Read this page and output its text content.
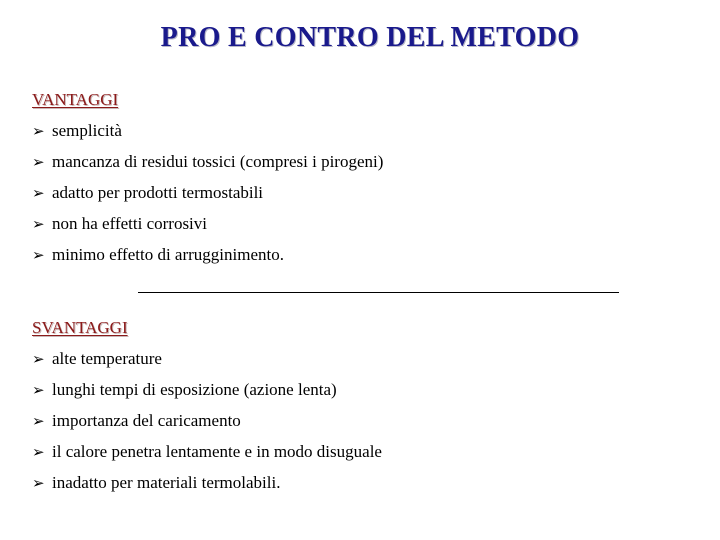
PRO E CONTRO DEL METODO
VANTAGGI
➢ semplicità
➢ mancanza di residui tossici (compresi i pirogeni)
➢ adatto per prodotti termostabili
➢ non ha effetti corrosivi
➢ minimo effetto di arrugginimento.
SVANTAGGI
➢ alte temperature
➢ lunghi tempi di esposizione (azione lenta)
➢ importanza del caricamento
➢ il calore penetra lentamente e in modo disuguale
➢ inadatto per materiali termolabili.
